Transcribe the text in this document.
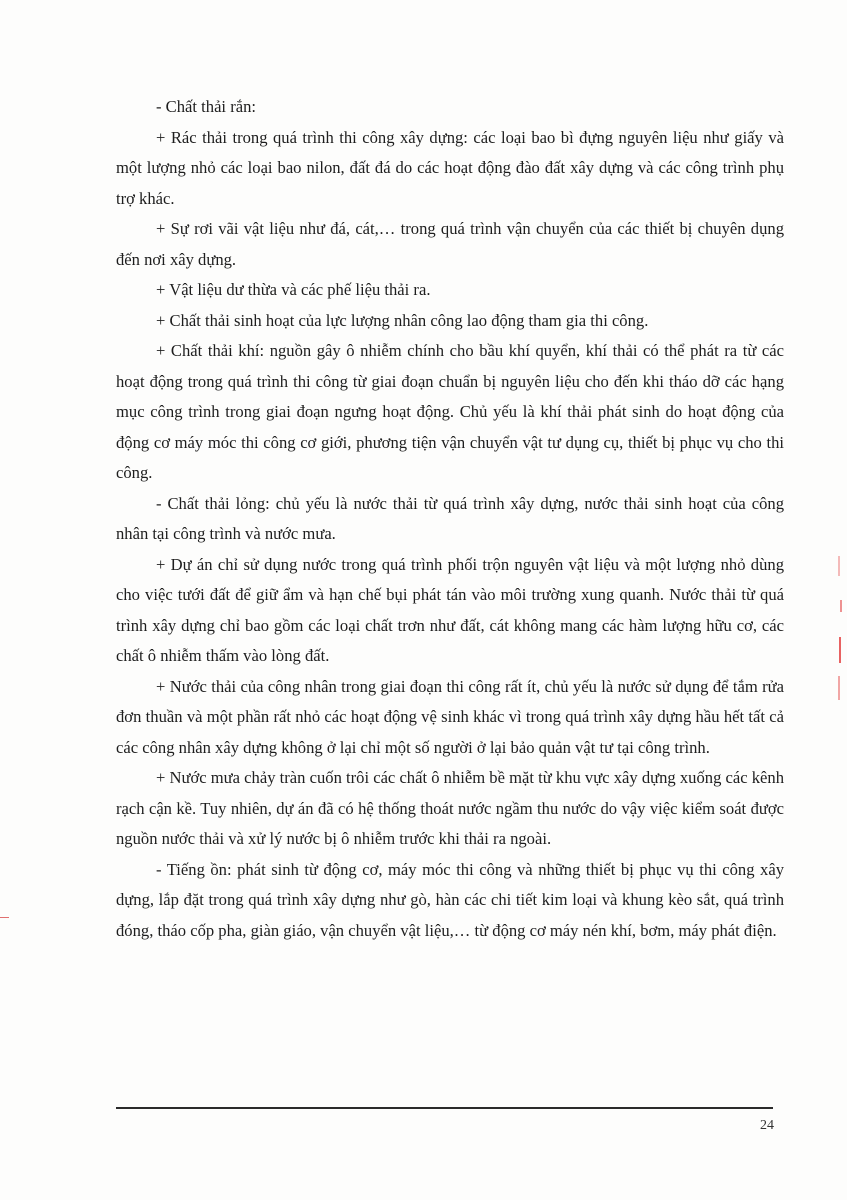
- Chất thải rắn:

+ Rác thải trong quá trình thi công xây dựng: các loại bao bì đựng nguyên liệu như giấy và một lượng nhỏ các loại bao nilon, đất đá do các hoạt động đào đất xây dựng và các công trình phụ trợ khác.

+ Sự rơi vãi vật liệu như đá, cát,… trong quá trình vận chuyển của các thiết bị chuyên dụng đến nơi xây dựng.

+ Vật liệu dư thừa và các phế liệu thải ra.

+ Chất thải sinh hoạt của lực lượng nhân công lao động tham gia thi công.

+ Chất thải khí: nguồn gây ô nhiễm chính cho bầu khí quyển, khí thải có thể phát ra từ các hoạt động trong quá trình thi công từ giai đoạn chuẩn bị nguyên liệu cho đến khi tháo dỡ các hạng mục công trình trong giai đoạn ngưng hoạt động. Chủ yếu là khí thải phát sinh do hoạt động của động cơ máy móc thi công cơ giới, phương tiện vận chuyển vật tư dụng cụ, thiết bị phục vụ cho thi công.

- Chất thải lỏng: chủ yếu là nước thải từ quá trình xây dựng, nước thải sinh hoạt của công nhân tại công trình và nước mưa.

+ Dự án chỉ sử dụng nước trong quá trình phối trộn nguyên vật liệu và một lượng nhỏ dùng cho việc tưới đất để giữ ẩm và hạn chế bụi phát tán vào môi trường xung quanh. Nước thải từ quá trình xây dựng chỉ bao gồm các loại chất trơn như đất, cát không mang các hàm lượng hữu cơ, các chất ô nhiễm thấm vào lòng đất.

+ Nước thải của công nhân trong giai đoạn thi công rất ít, chủ yếu là nước sử dụng để tắm rửa đơn thuần và một phần rất nhỏ các hoạt động vệ sinh khác vì trong quá trình xây dựng hầu hết tất cả các công nhân xây dựng không ở lại chỉ một số người ở lại bảo quản vật tư tại công trình.

+ Nước mưa chảy tràn cuốn trôi các chất ô nhiễm bề mặt từ khu vực xây dựng xuống các kênh rạch cận kề. Tuy nhiên, dự án đã có hệ thống thoát nước ngầm thu nước do vậy việc kiểm soát được nguồn nước thải và xử lý nước bị ô nhiễm trước khi thải ra ngoài.

- Tiếng ồn: phát sinh từ động cơ, máy móc thi công và những thiết bị phục vụ thi công xây dựng, lắp đặt trong quá trình xây dựng như gò, hàn các chi tiết kim loại và khung kèo sắt, quá trình đóng, tháo cốp pha, giàn giáo, vận chuyển vật liệu,… từ động cơ máy nén khí, bơm, máy phát điện.

24
